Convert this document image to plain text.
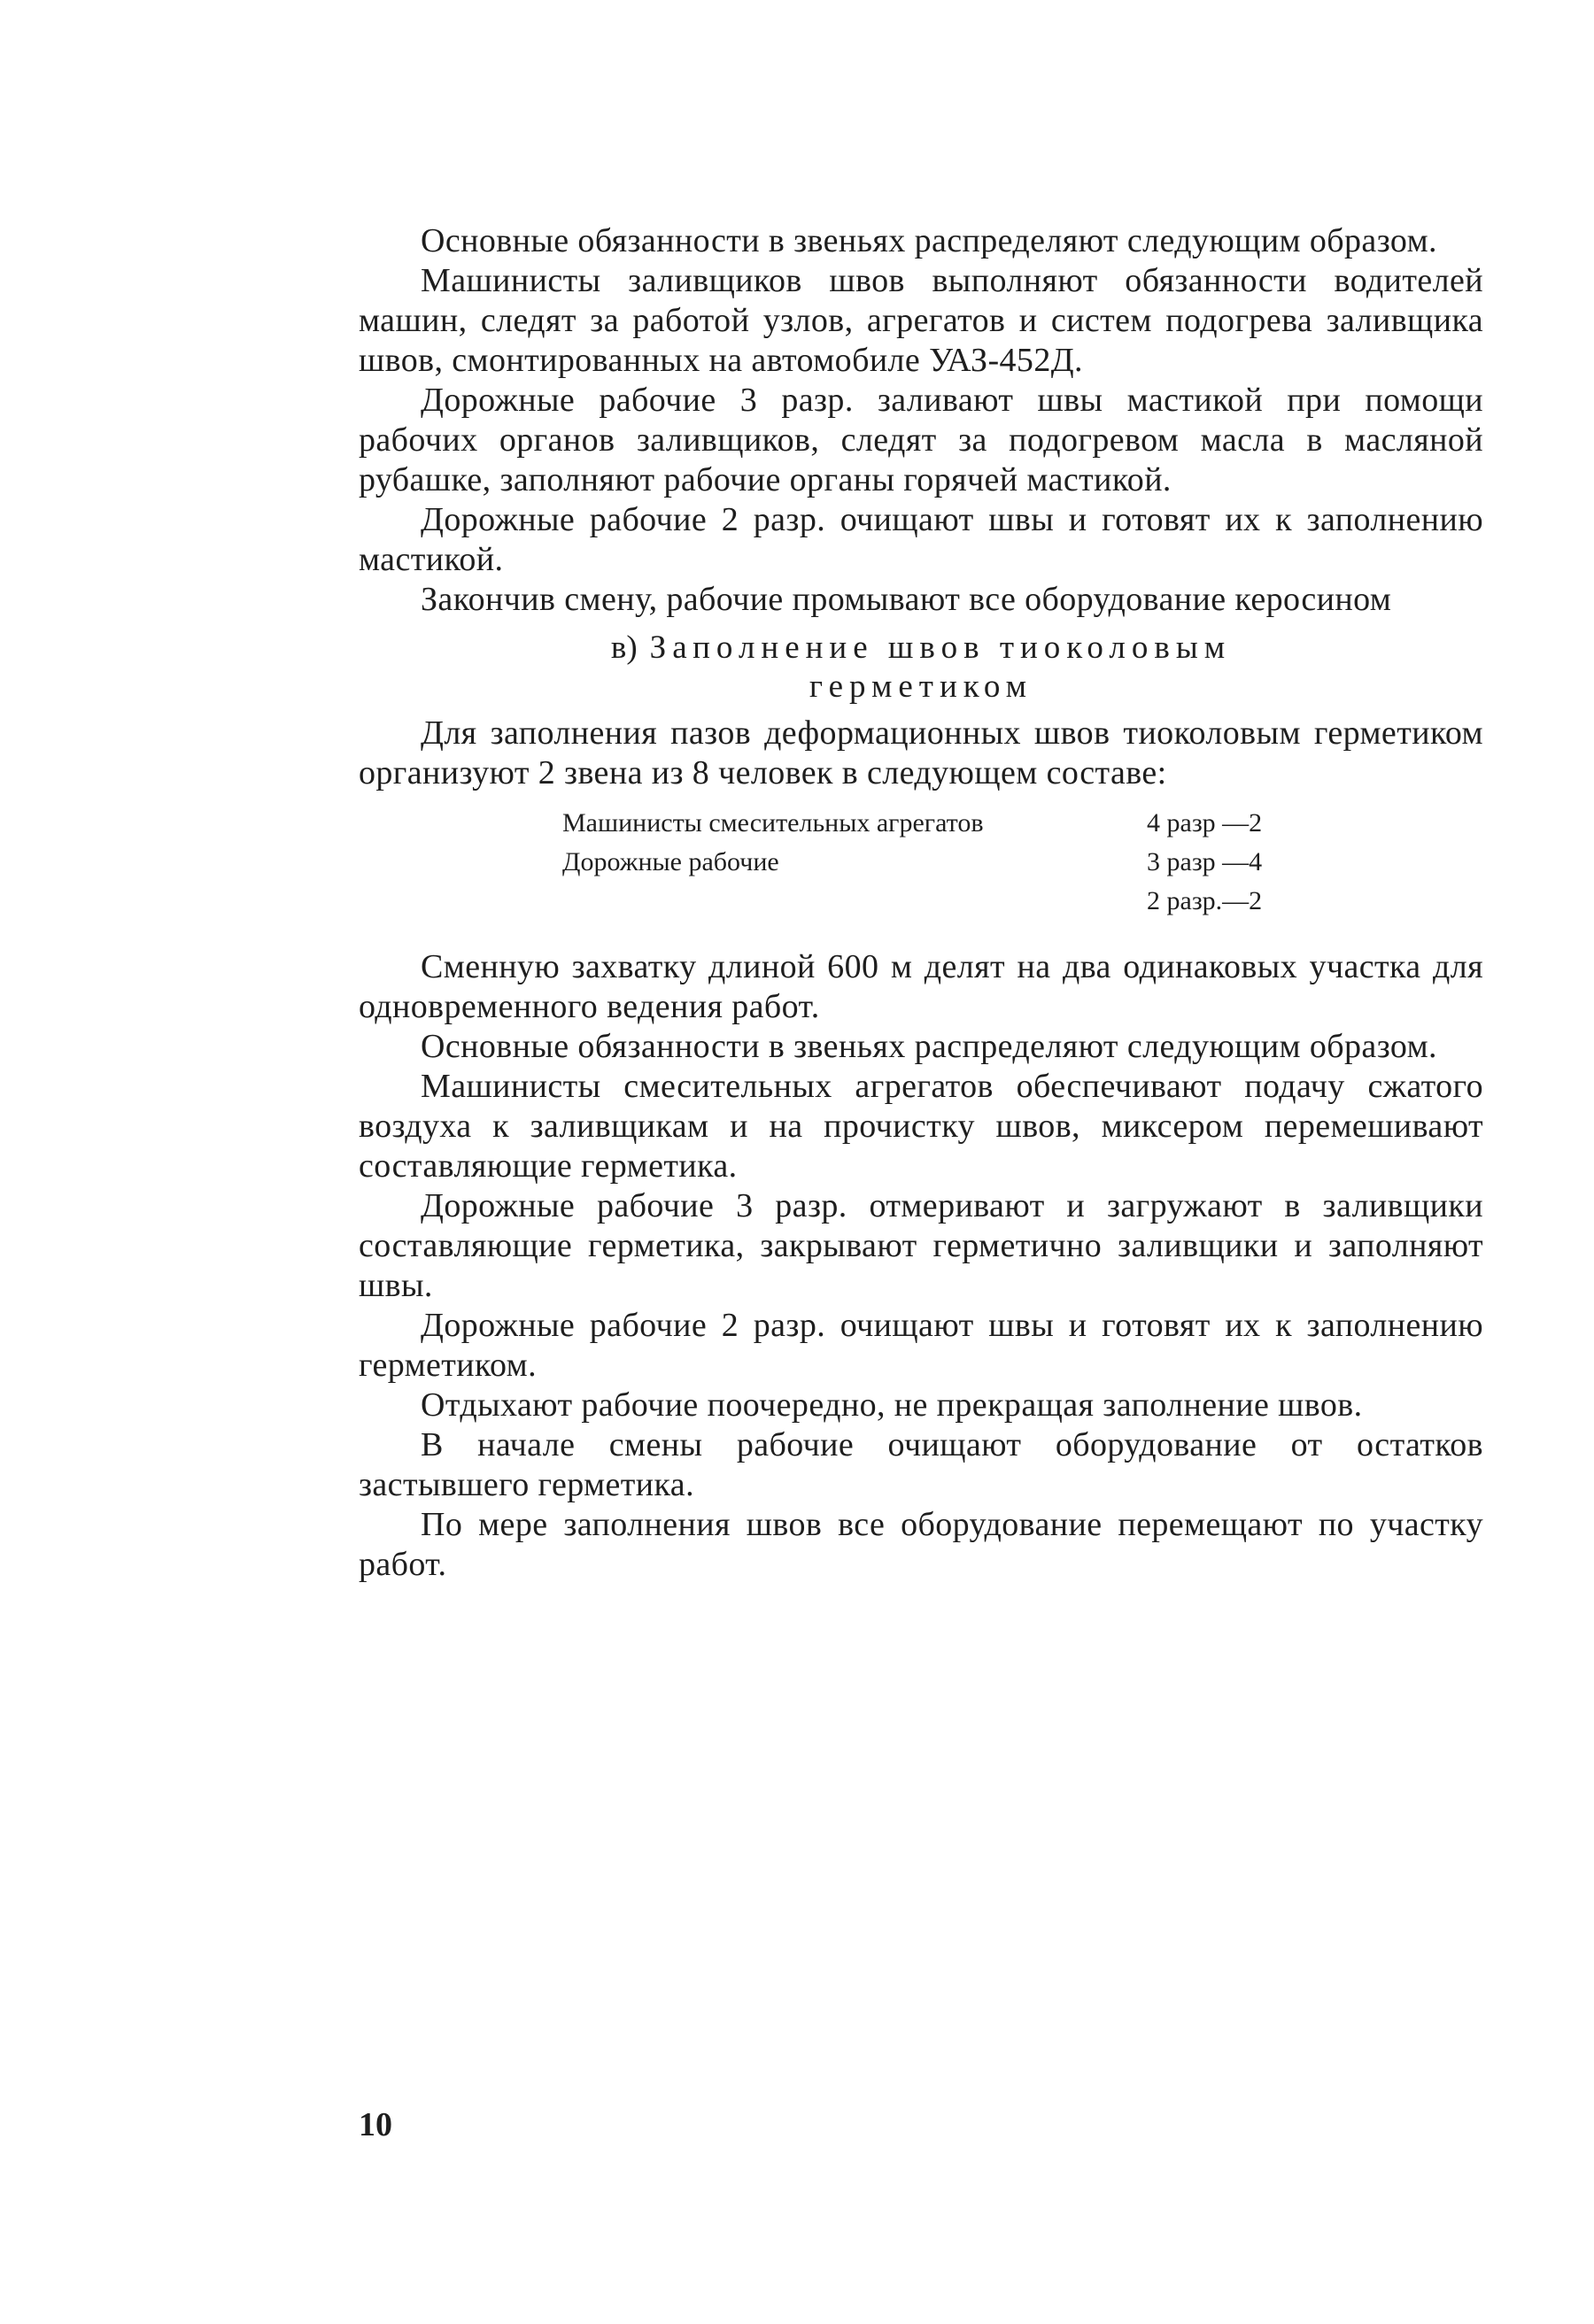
Основные обязанности в звеньях распределяют следующим образом.

Машинисты заливщиков швов выполняют обязанности водителей машин, следят за работой узлов, агрегатов и систем подогрева заливщика швов, смонтированных на автомобиле УАЗ-452Д.

Дорожные рабочие 3 разр. заливают швы мастикой при помощи рабочих органов заливщиков, следят за подогревом масла в масляной рубашке, заполняют рабочие органы горячей мастикой.

Дорожные рабочие 2 разр. очищают швы и готовят их к заполнению мастикой.

Закончив смену, рабочие промывают все оборудование керосином

в) Заполнение швов тиоколовым
герметиком

Для заполнения пазов деформационных швов тиоколовым герметиком организуют 2 звена из 8 человек в следующем составе:

Машинисты смесительных агрегатов	4 разр —2
Дорожные рабочие	3 разр —4
	2 разр.—2

Сменную захватку длиной 600 м делят на два одинаковых участка для одновременного ведения работ.

Основные обязанности в звеньях распределяют следующим образом.

Машинисты смесительных агрегатов обеспечивают подачу сжатого воздуха к заливщикам и на прочистку швов, миксером перемешивают составляющие герметика.

Дорожные рабочие 3 разр. отмеривают и загружают в заливщики составляющие герметика, закрывают герметично заливщики и заполняют швы.

Дорожные рабочие 2 разр. очищают швы и готовят их к заполнению герметиком.

Отдыхают рабочие поочередно, не прекращая заполнение швов.

В начале смены рабочие очищают оборудование от остатков застывшего герметика.

По мере заполнения швов все оборудование перемещают по участку работ.

10
